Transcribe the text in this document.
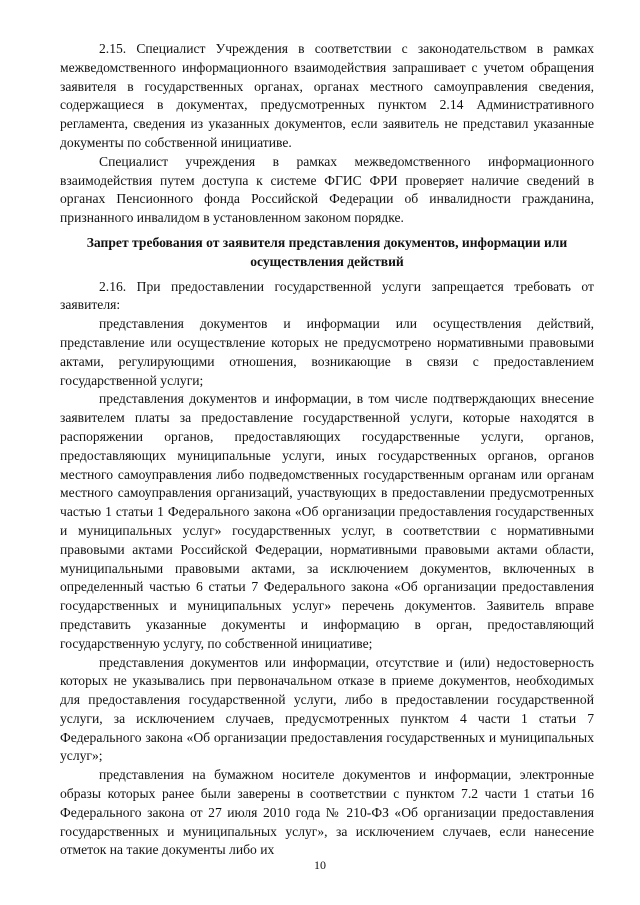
2.15. Специалист Учреждения в соответствии с законодательством в рамках межведомственного информационного взаимодействия запрашивает с учетом обращения заявителя в государственных органах, органах местного самоуправления сведения, содержащиеся в документах, предусмотренных пунктом 2.14 Административного регламента, сведения из указанных документов, если заявитель не представил указанные документы по собственной инициативе.

Специалист учреждения в рамках межведомственного информационного взаимодействия путем доступа к системе ФГИС ФРИ проверяет наличие сведений в органах Пенсионного фонда Российской Федерации об инвалидности гражданина, признанного инвалидом в установленном законом порядке.

Запрет требования от заявителя представления документов, информации или осуществления действий

2.16. При предоставлении государственной услуги запрещается требовать от заявителя:

представления документов и информации или осуществления действий, представление или осуществление которых не предусмотрено нормативными правовыми актами, регулирующими отношения, возникающие в связи с предоставлением государственной услуги;

представления документов и информации, в том числе подтверждающих внесение заявителем платы за предоставление государственной услуги, которые находятся в распоряжении органов, предоставляющих государственные услуги, органов, предоставляющих муниципальные услуги, иных государственных органов, органов местного самоуправления либо подведомственных государственным органам или органам местного самоуправления организаций, участвующих в предоставлении предусмотренных частью 1 статьи 1 Федерального закона «Об организации предоставления государственных и муниципальных услуг» государственных услуг, в соответствии с нормативными правовыми актами Российской Федерации, нормативными правовыми актами области, муниципальными правовыми актами, за исключением документов, включенных в определенный частью 6 статьи 7 Федерального закона «Об организации предоставления государственных и муниципальных услуг» перечень документов. Заявитель вправе представить указанные документы и информацию в орган, предоставляющий государственную услугу, по собственной инициативе;

представления документов или информации, отсутствие и (или) недостоверность которых не указывались при первоначальном отказе в приеме документов, необходимых для предоставления государственной услуги, либо в предоставлении государственной услуги, за исключением случаев, предусмотренных пунктом 4 части 1 статьи 7 Федерального закона «Об организации предоставления государственных и муниципальных услуг»;

представления на бумажном носителе документов и информации, электронные образы которых ранее были заверены в соответствии с пунктом 7.2 части 1 статьи 16 Федерального закона от 27 июля 2010 года № 210-ФЗ «Об организации предоставления государственных и муниципальных услуг», за исключением случаев, если нанесение отметок на такие документы либо их

10
